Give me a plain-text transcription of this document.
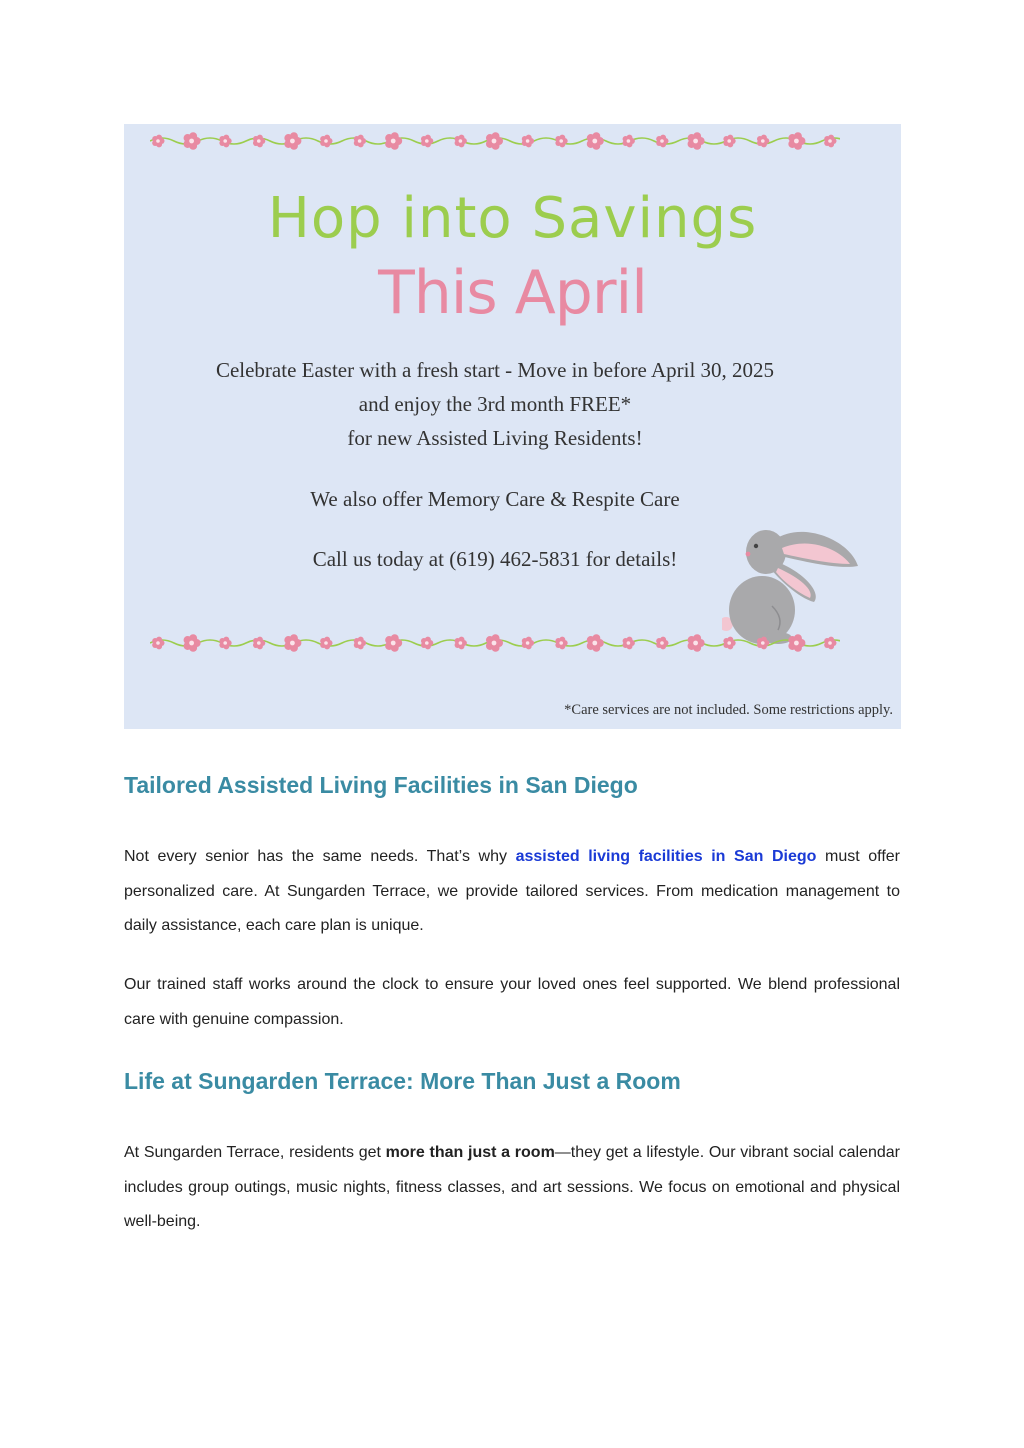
Hop into Savings
This April
Celebrate Easter with a fresh start - Move in before April 30, 2025
and enjoy the 3rd month FREE*
for new Assisted Living Residents!
We also offer Memory Care & Respite Care
Call us today at (619) 462-5831 for details!
*Care services are not included. Some restrictions apply.
Tailored Assisted Living Facilities in San Diego

Not every senior has the same needs. That’s why assisted living facilities in San Diego must offer personalized care. At Sungarden Terrace, we provide tailored services. From medication management to daily assistance, each care plan is unique.

Our trained staff works around the clock to ensure your loved ones feel supported. We blend professional care with genuine compassion.

Life at Sungarden Terrace: More Than Just a Room

At Sungarden Terrace, residents get more than just a room—they get a lifestyle. Our vibrant social calendar includes group outings, music nights, fitness classes, and art sessions. We focus on emotional and physical well-being.
